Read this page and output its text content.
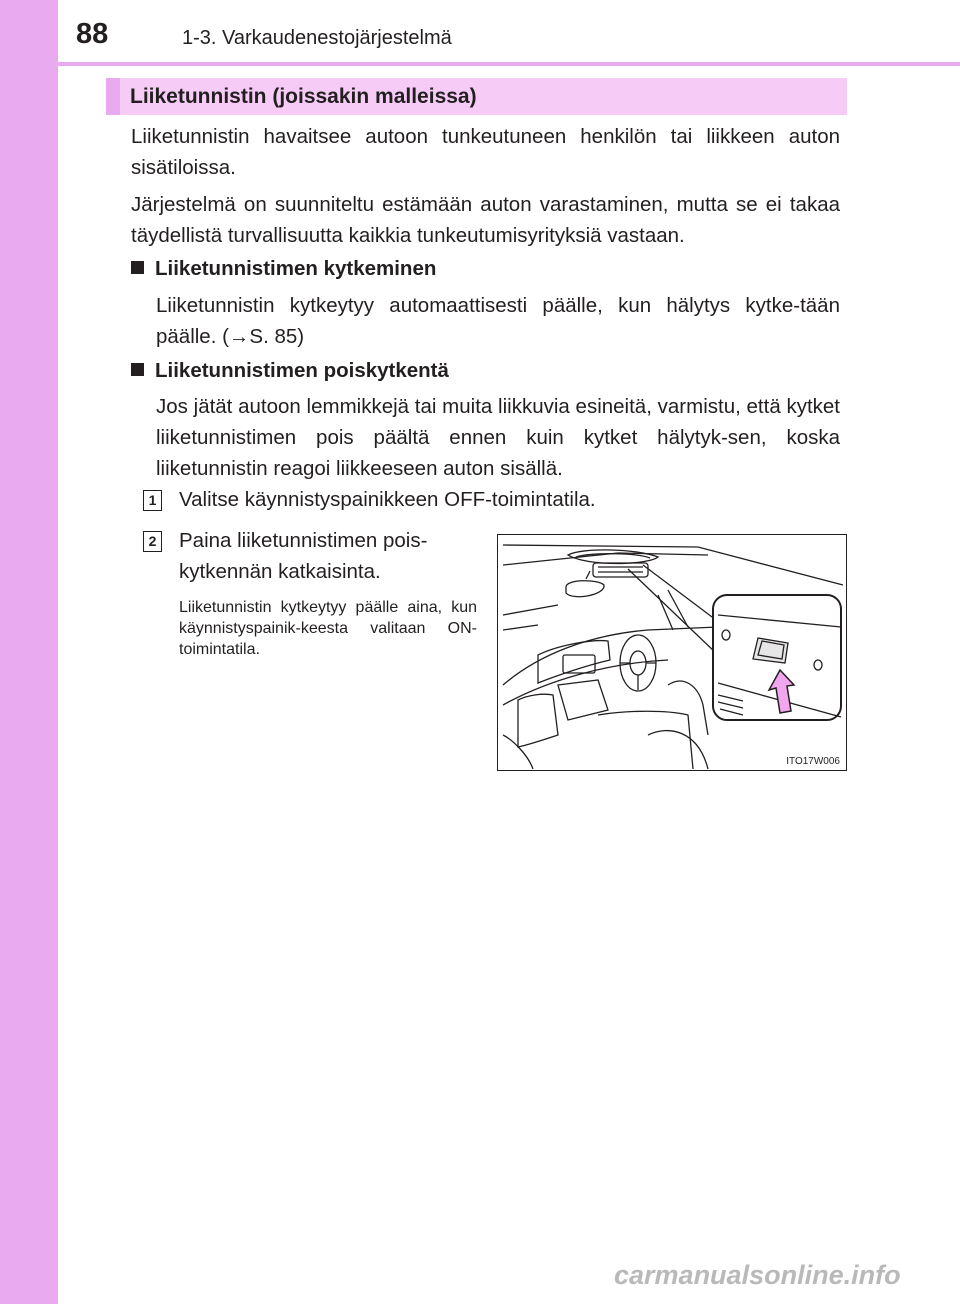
88	1-3. Varkaudenestojärjestelmä
Liiketunnistin (joissakin malleissa)
Liiketunnistin havaitsee autoon tunkeutuneen henkilön tai liikkeen auton sisätiloissa.
Järjestelmä on suunniteltu estämään auton varastaminen, mutta se ei takaa täydellistä turvallisuutta kaikkia tunkeutumisyrityksiä vastaan.
Liiketunnistimen kytkeminen
Liiketunnistin kytkeytyy automaattisesti päälle, kun hälytys kytke-tään päälle. (→S. 85)
Liiketunnistimen poiskytkentä
Jos jätät autoon lemmikkejä tai muita liikkuvia esineitä, varmistu, että kytket liiketunnistimen pois päältä ennen kuin kytket hälytyk-sen, koska liiketunnistin reagoi liikkeeseen auton sisällä.
1 Valitse käynnistyspainikkeen OFF-toimintatila.
2 Paina liiketunnistimen pois-
kytkennän katkaisinta.
Liiketunnistin kytkeytyy päälle aina, kun käynnistyspainik-keesta valitaan ON-toimintatila.
ITO17W006
carmanualsonline.info
